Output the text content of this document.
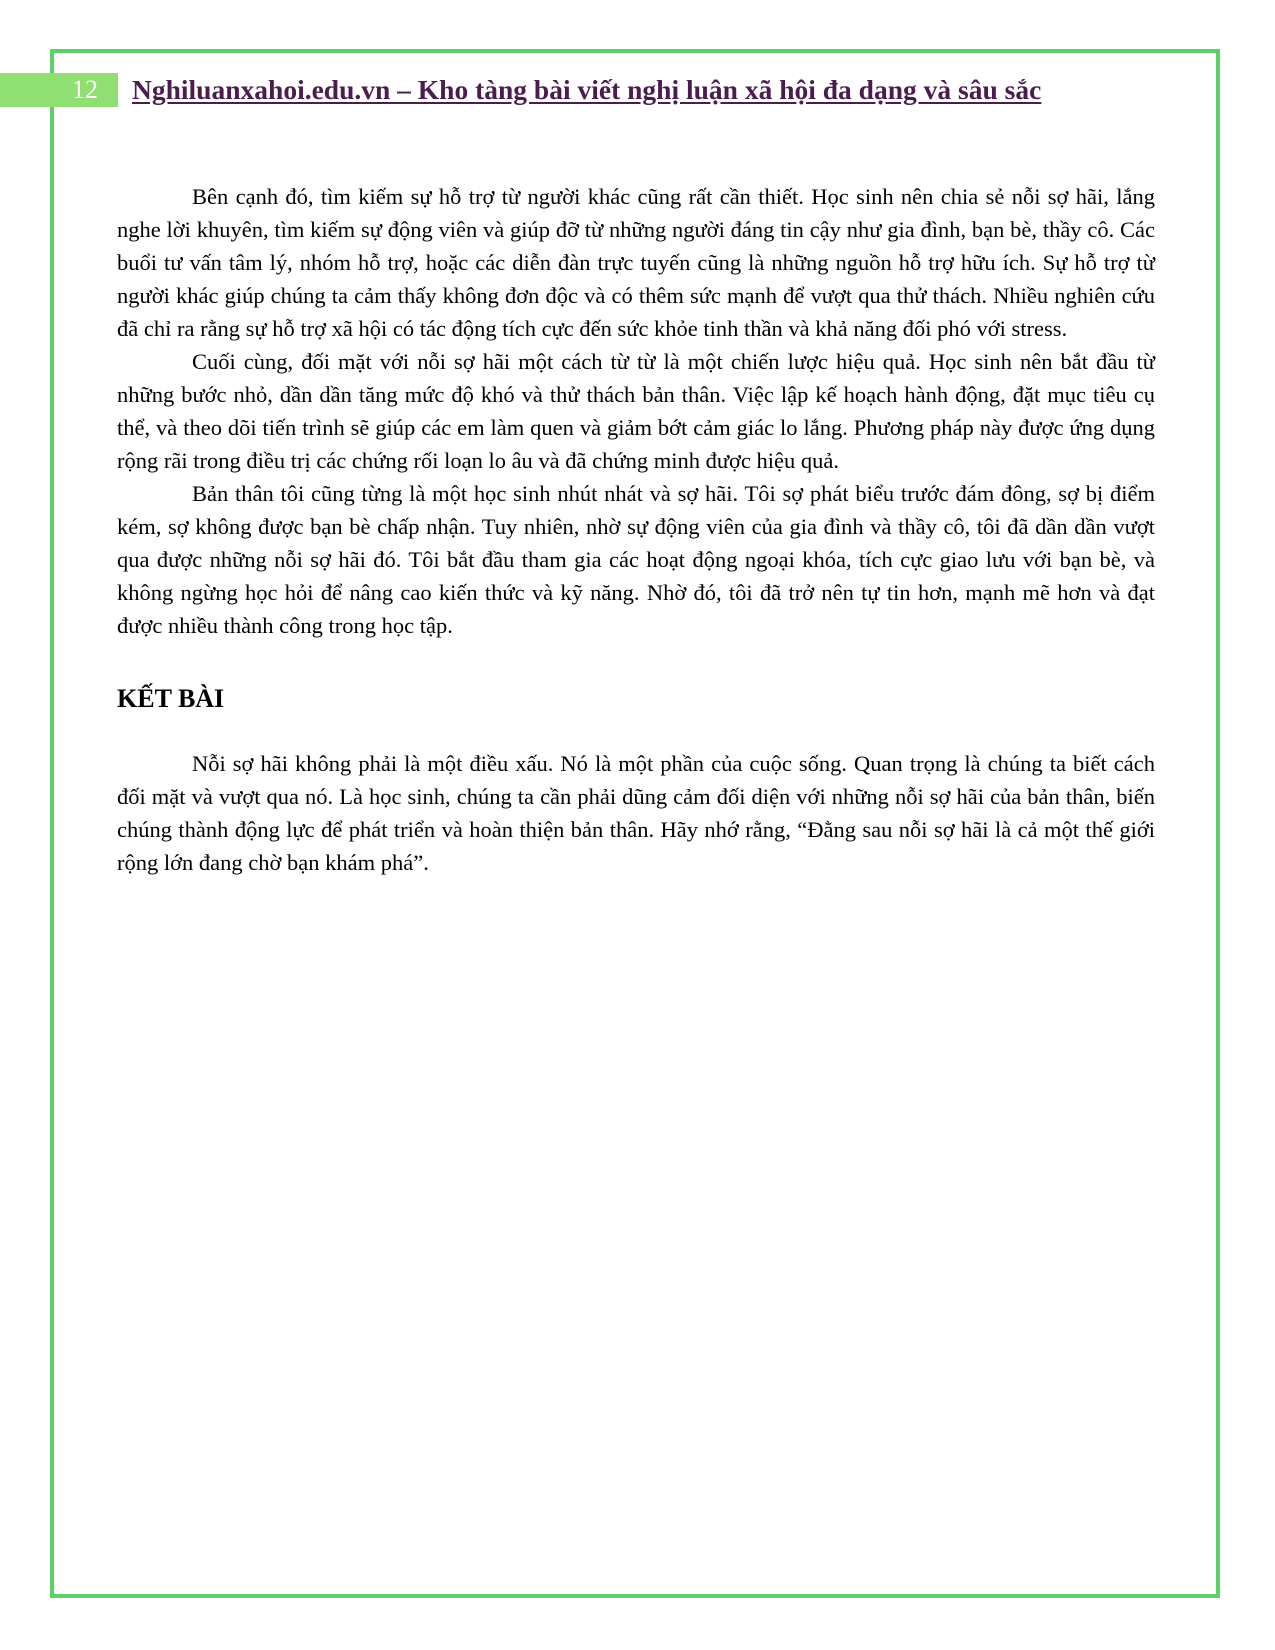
12 Nghiluanxahoi.edu.vn – Kho tàng bài viết nghị luận xã hội đa dạng và sâu sắc

Bên cạnh đó, tìm kiếm sự hỗ trợ từ người khác cũng rất cần thiết. Học sinh nên chia sẻ nỗi sợ hãi, lắng nghe lời khuyên, tìm kiếm sự động viên và giúp đỡ từ những người đáng tin cậy như gia đình, bạn bè, thầy cô. Các buổi tư vấn tâm lý, nhóm hỗ trợ, hoặc các diễn đàn trực tuyến cũng là những nguồn hỗ trợ hữu ích. Sự hỗ trợ từ người khác giúp chúng ta cảm thấy không đơn độc và có thêm sức mạnh để vượt qua thử thách. Nhiều nghiên cứu đã chỉ ra rằng sự hỗ trợ xã hội có tác động tích cực đến sức khỏe tinh thần và khả năng đối phó với stress.

Cuối cùng, đối mặt với nỗi sợ hãi một cách từ từ là một chiến lược hiệu quả. Học sinh nên bắt đầu từ những bước nhỏ, dần dần tăng mức độ khó và thử thách bản thân. Việc lập kế hoạch hành động, đặt mục tiêu cụ thể, và theo dõi tiến trình sẽ giúp các em làm quen và giảm bớt cảm giác lo lắng. Phương pháp này được ứng dụng rộng rãi trong điều trị các chứng rối loạn lo âu và đã chứng minh được hiệu quả.

Bản thân tôi cũng từng là một học sinh nhút nhát và sợ hãi. Tôi sợ phát biểu trước đám đông, sợ bị điểm kém, sợ không được bạn bè chấp nhận. Tuy nhiên, nhờ sự động viên của gia đình và thầy cô, tôi đã dần dần vượt qua được những nỗi sợ hãi đó. Tôi bắt đầu tham gia các hoạt động ngoại khóa, tích cực giao lưu với bạn bè, và không ngừng học hỏi để nâng cao kiến thức và kỹ năng. Nhờ đó, tôi đã trở nên tự tin hơn, mạnh mẽ hơn và đạt được nhiều thành công trong học tập.

KẾT BÀI

Nỗi sợ hãi không phải là một điều xấu. Nó là một phần của cuộc sống. Quan trọng là chúng ta biết cách đối mặt và vượt qua nó. Là học sinh, chúng ta cần phải dũng cảm đối diện với những nỗi sợ hãi của bản thân, biến chúng thành động lực để phát triển và hoàn thiện bản thân. Hãy nhớ rằng, “Đằng sau nỗi sợ hãi là cả một thế giới rộng lớn đang chờ bạn khám phá”.
